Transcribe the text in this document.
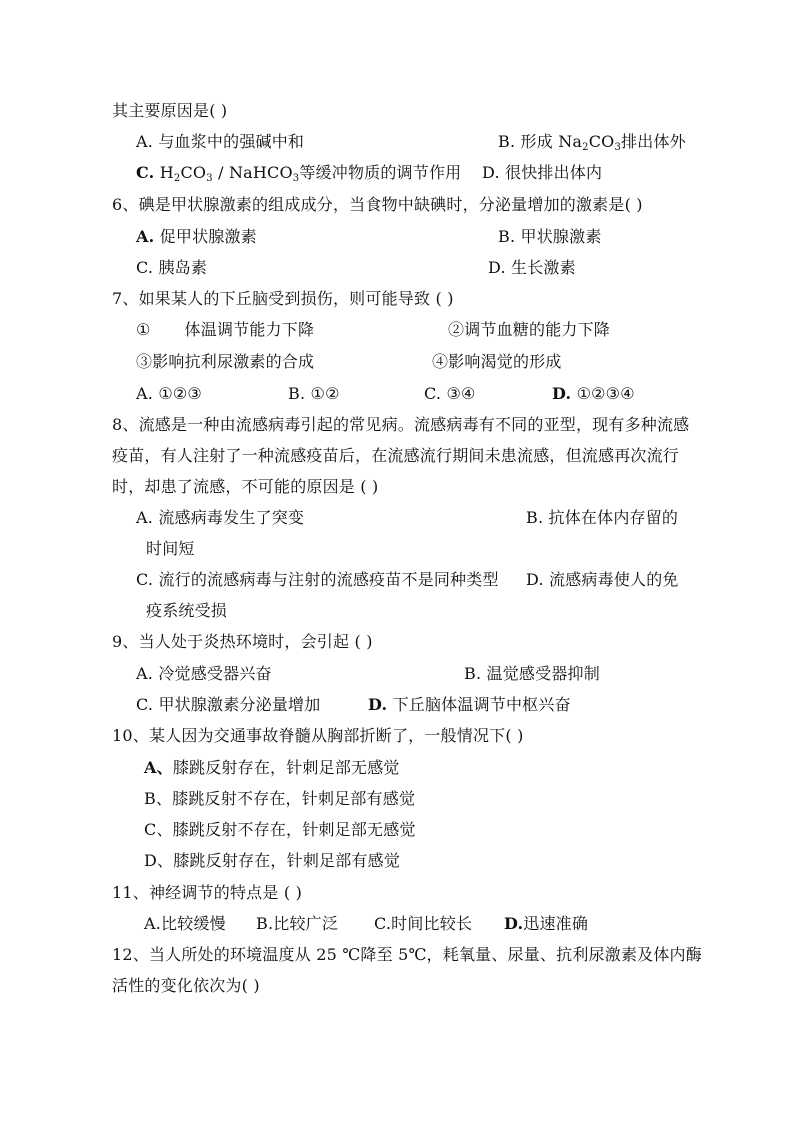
其主要原因是( )
A. 与血浆中的强碱中和	B. 形成 $Na_2CO_3$排出体外
C. $H_2CO_3$ / NaHCO$_3$等缓冲物质的调节作用 D. 很快排出体内
6、碘是甲状腺激素的组成成分，当食物中缺碘时，分泌量增加的激素是( )
A. 促甲状腺激素	B. 甲状腺激素
C. 胰岛素	D. 生长激素
7、如果某人的下丘脑受到损伤，则可能导致 ( )
① 体温调节能力下降	②调节血糖的能力下降
③影响抗利尿激素的合成	④影响渴觉的形成
A. ①②③	B. ①②	C. ③④	D. ①②③④
8、流感是一种由流感病毒引起的常见病。流感病毒有不同的亚型，现有多种流感
疫苗，有人注射了一种流感疫苗后，在流感流行期间未患流感，但流感再次流行
时，却患了流感，不可能的原因是 ( )
A. 流感病毒发生了突变	B. 抗体在体内存留的
时间短
C. 流行的流感病毒与注射的流感疫苗不是同种类型 D. 流感病毒使人的免
疫系统受损
9、当人处于炎热环境时，会引起 ( )
A. 冷觉感受器兴奋	B. 温觉感受器抑制
C. 甲状腺激素分泌量增加	D. 下丘脑体温调节中枢兴奋
10、某人因为交通事故脊髓从胸部折断了，一般情况下( )
A、膝跳反射存在，针刺足部无感觉
B、膝跳反射不存在，针刺足部有感觉
C、膝跳反射不存在，针刺足部无感觉
D、膝跳反射存在，针刺足部有感觉
11、神经调节的特点是 ( )
A.比较缓慢 B.比较广泛 C.时间比较长 D.迅速准确
12、当人所处的环境温度从 25 ℃降至 5℃，耗氧量、尿量、抗利尿激素及体内酶
活性的变化依次为( )
